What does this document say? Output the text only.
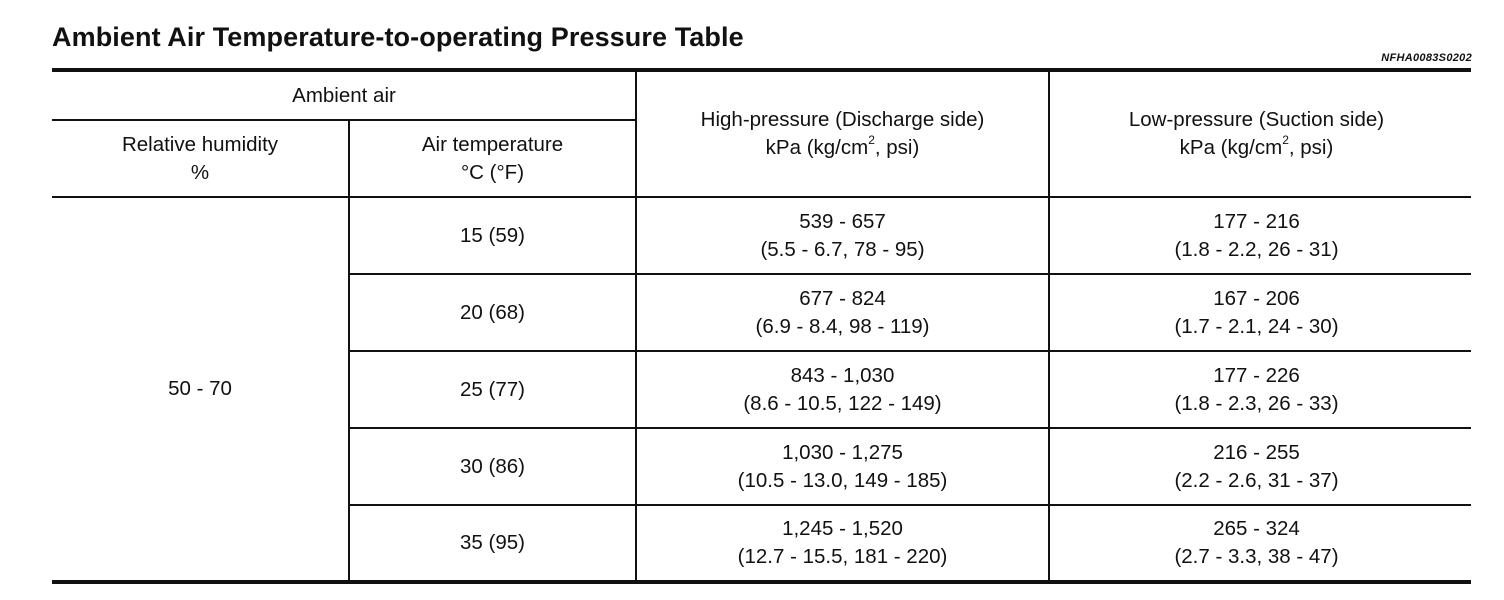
Ambient Air Temperature-to-operating Pressure Table
NFHA0083S0202
Ambient air
Relative humidity
%
Air temperature
°C (°F)
High-pressure (Discharge side)
kPa ($kg/cm^2$, psi)
Low-pressure (Suction side)
kPa ($kg/cm^2$, psi)
50 - 70
15 (59)
539 - 657
(5.5 - 6.7, 78 - 95)
177 - 216
(1.8 - 2.2, 26 - 31)
20 (68)
677 - 824
(6.9 - 8.4, 98 - 119)
167 - 206
(1.7 - 2.1, 24 - 30)
25 (77)
843 - 1,030
(8.6 - 10.5, 122 - 149)
177 - 226
(1.8 - 2.3, 26 - 33)
30 (86)
1,030 - 1,275
(10.5 - 13.0, 149 - 185)
216 - 255
(2.2 - 2.6, 31 - 37)
35 (95)
1,245 - 1,520
(12.7 - 15.5, 181 - 220)
265 - 324
(2.7 - 3.3, 38 - 47)
